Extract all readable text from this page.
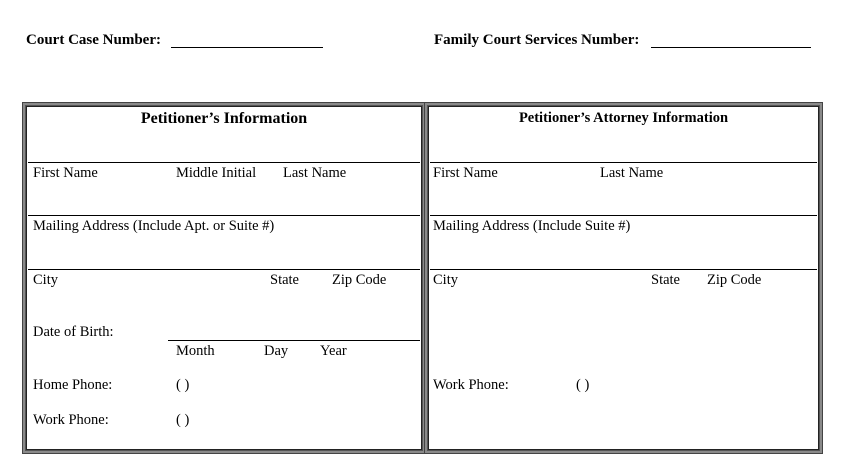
Court Case Number:	Family Court Services Number:
Petitioner’s Information
First Name	Middle Initial Last Name
Mailing Address (Include Apt. or Suite #)
City	State Zip Code
Date of Birth:
Month	Day Year
Home Phone:	( )
Work Phone:	( )
Petitioner’s Attorney Information
First Name	Last Name
Mailing Address (Include Suite #)
City	State Zip Code
Work Phone:	( )
